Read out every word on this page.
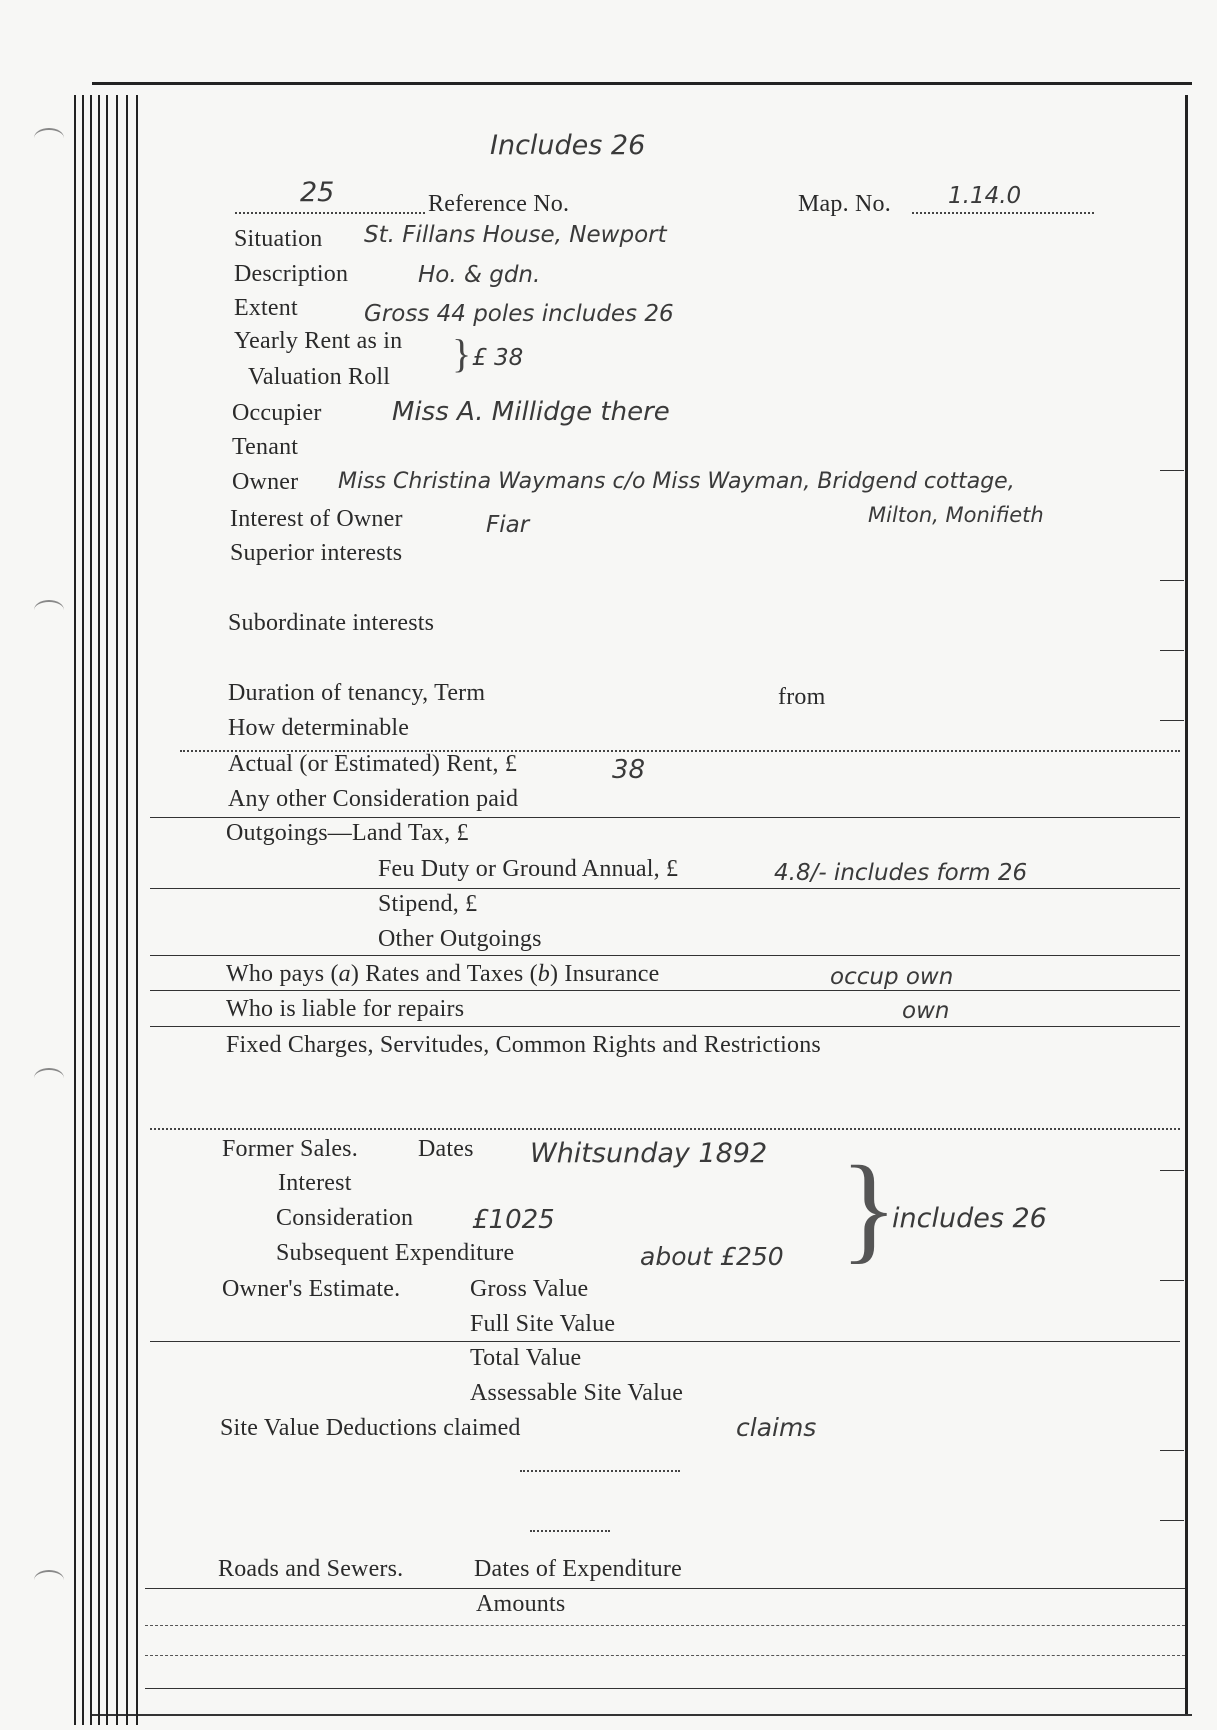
Includes 26
25	Reference No.	Map. No. 1.14.0
Situation St. Fillans House, Newport
Description	Ho. & gdn.
Extent	Gross 44 poles includes 26
Yearly Rent as in
Valuation Roll
} £ 38
Occupier	Miss A. Millidge there
Tenant
Owner Miss Christina Waymans c/o Miss Wayman, Bridgend cottage,
Milton, Monifieth
Interest of Owner	Fiar
Superior interests
Subordinate interests
Duration of tenancy, Term	from
How determinable
Actual (or Estimated) Rent, £	38
Any other Consideration paid
Outgoings—Land Tax, £
Feu Duty or Ground Annual, £	4.8/- includes form 26
Stipend, £
Other Outgoings
Who pays (a) Rates and Taxes (b) Insurance	occup own
Who is liable for repairs	own
Fixed Charges, Servitudes, Common Rights and Restrictions
Former Sales.	Dates Whitsunday 1892
Interest
Consideration £1025
Subsequent Expenditure	about £250 }
includes 26
Owner's Estimate.	Gross Value
Full Site Value
Total Value
Assessable Site Value
Site Value Deductions claimed	claims
Roads and Sewers.	Dates of Expenditure
Amounts
